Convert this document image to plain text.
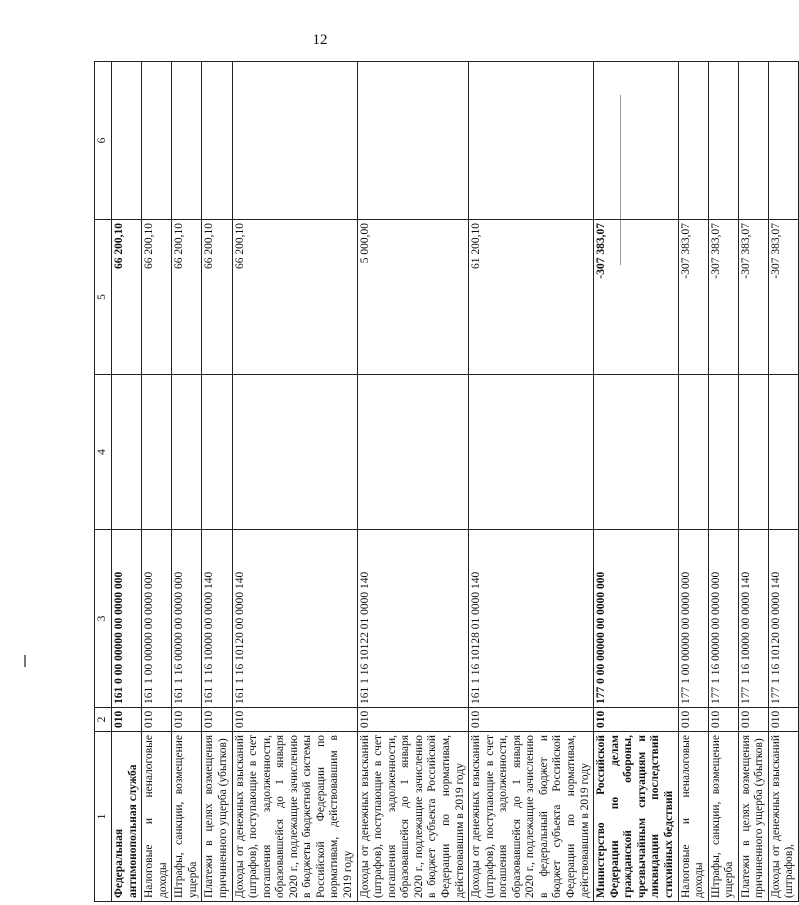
12
1	2	3	4	5	6
Федеральная антимонопольная служба	010	161 0 00 00000 00 0000 000		66 200,10	
Налоговые и неналоговые доходы	010	161 1 00 00000 00 0000 000		66 200,10	
Штрафы, санкции, возмещение ущерба	010	161 1 16 00000 00 0000 000		66 200,10	
Платежи в целях возмещения причиненного ущерба (убытков)	010	161 1 16 10000 00 0000 140		66 200,10	
Доходы от денежных взысканий (штрафов), поступающие в счет погашения задолженности, образовавшейся до 1 января 2020 г., подлежащие зачислению в бюджеты бюджетной системы Российской Федерации по нормативам, действовавшим в 2019 году	010	161 1 16 10120 00 0000 140		66 200,10	
Доходы от денежных взысканий (штрафов), поступающие в счет погашения задолженности, образовавшейся до 1 января 2020 г., подлежащие зачислению в бюджет субъекта Российской Федерации по нормативам, действовавшим в 2019 году	010	161 1 16 10122 01 0000 140		5 000,00	
Доходы от денежных взысканий (штрафов), поступающие в счет погашения задолженности, образовавшейся до 1 января 2020 г., подлежащие зачислению в федеральный бюджет и бюджет субъекта Российской Федерации по нормативам, действовавшим в 2019 году	010	161 1 16 10128 01 0000 140		61 200,10	
Министерство Российской Федерации по делам гражданской обороны, чрезвычайным ситуациям и ликвидации последствий стихийных бедствий	010	177 0 00 00000 00 0000 000		-307 383,07	
Налоговые и неналоговые доходы	010	177 1 00 00000 00 0000 000		-307 383,07	
Штрафы, санкции, возмещение ущерба	010	177 1 16 00000 00 0000 000		-307 383,07	
Платежи в целях возмещения причиненного ущерба (убытков)	010	177 1 16 10000 00 0000 140		-307 383,07	
Доходы от денежных взысканий (штрафов),	010	177 1 16 10120 00 0000 140		-307 383,07	
